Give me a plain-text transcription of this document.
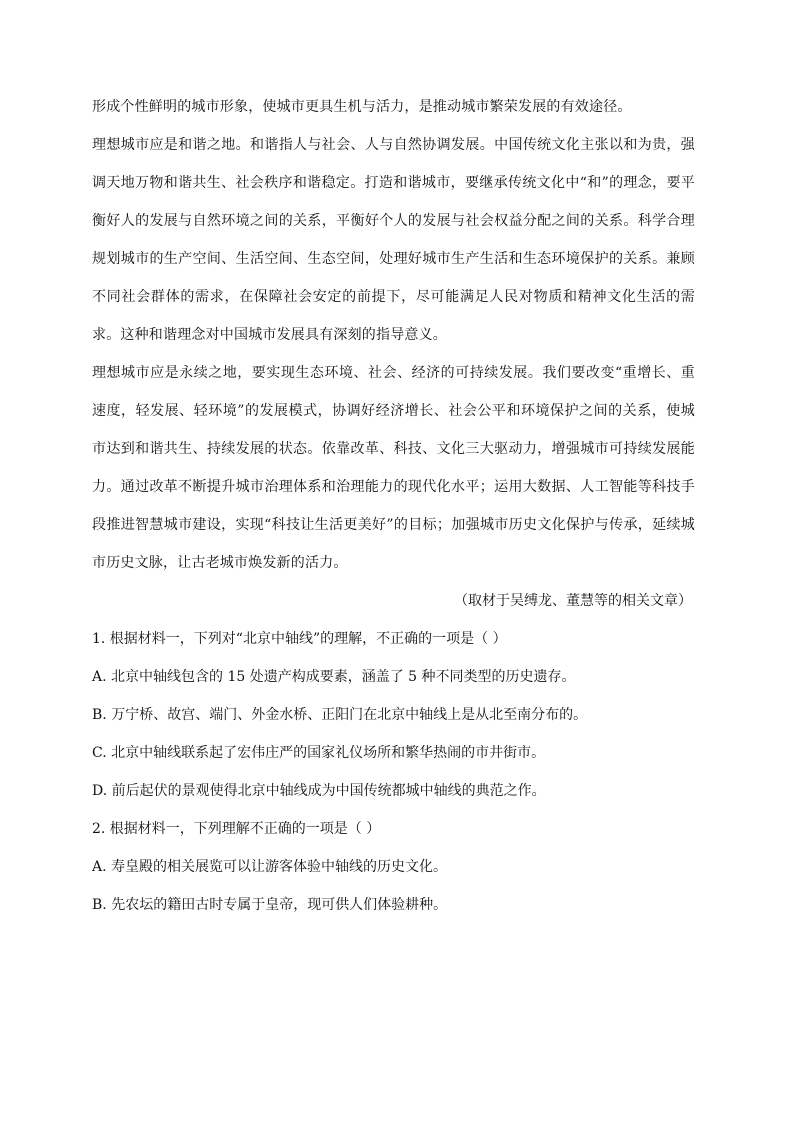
形成个性鲜明的城市形象，使城市更具生机与活力，是推动城市繁荣发展的有效途径。

理想城市应是和谐之地。和谐指人与社会、人与自然协调发展。中国传统文化主张以和为贵，强调天地万物和谐共生、社会秩序和谐稳定。打造和谐城市，要继承传统文化中“和”的理念，要平衡好人的发展与自然环境之间的关系，平衡好个人的发展与社会权益分配之间的关系。科学合理规划城市的生产空间、生活空间、生态空间，处理好城市生产生活和生态环境保护的关系。兼顾不同社会群体的需求，在保障社会安定的前提下，尽可能满足人民对物质和精神文化生活的需求。这种和谐理念对中国城市发展具有深刻的指导意义。

理想城市应是永续之地，要实现生态环境、社会、经济的可持续发展。我们要改变“重增长、重速度，轻发展、轻环境”的发展模式，协调好经济增长、社会公平和环境保护之间的关系，使城市达到和谐共生、持续发展的状态。依靠改革、科技、文化三大驱动力，增强城市可持续发展能力。通过改革不断提升城市治理体系和治理能力的现代化水平；运用大数据、人工智能等科技手段推进智慧城市建设，实现“科技让生活更美好”的目标；加强城市历史文化保护与传承，延续城市历史文脉，让古老城市焕发新的活力。

（取材于吴缚龙、董慧等的相关文章）

1. 根据材料一，下列对“北京中轴线”的理解，不正确的一项是（ ）

A. 北京中轴线包含的 15 处遗产构成要素，涵盖了 5 种不同类型的历史遗存。

B. 万宁桥、故宫、端门、外金水桥、正阳门在北京中轴线上是从北至南分布的。

C. 北京中轴线联系起了宏伟庄严的国家礼仪场所和繁华热闹的市井街市。

D. 前后起伏的景观使得北京中轴线成为中国传统都城中轴线的典范之作。

2. 根据材料一，下列理解不正确的一项是（ ）

A. 寿皇殿的相关展览可以让游客体验中轴线的历史文化。

B. 先农坛的籍田古时专属于皇帝，现可供人们体验耕种。
